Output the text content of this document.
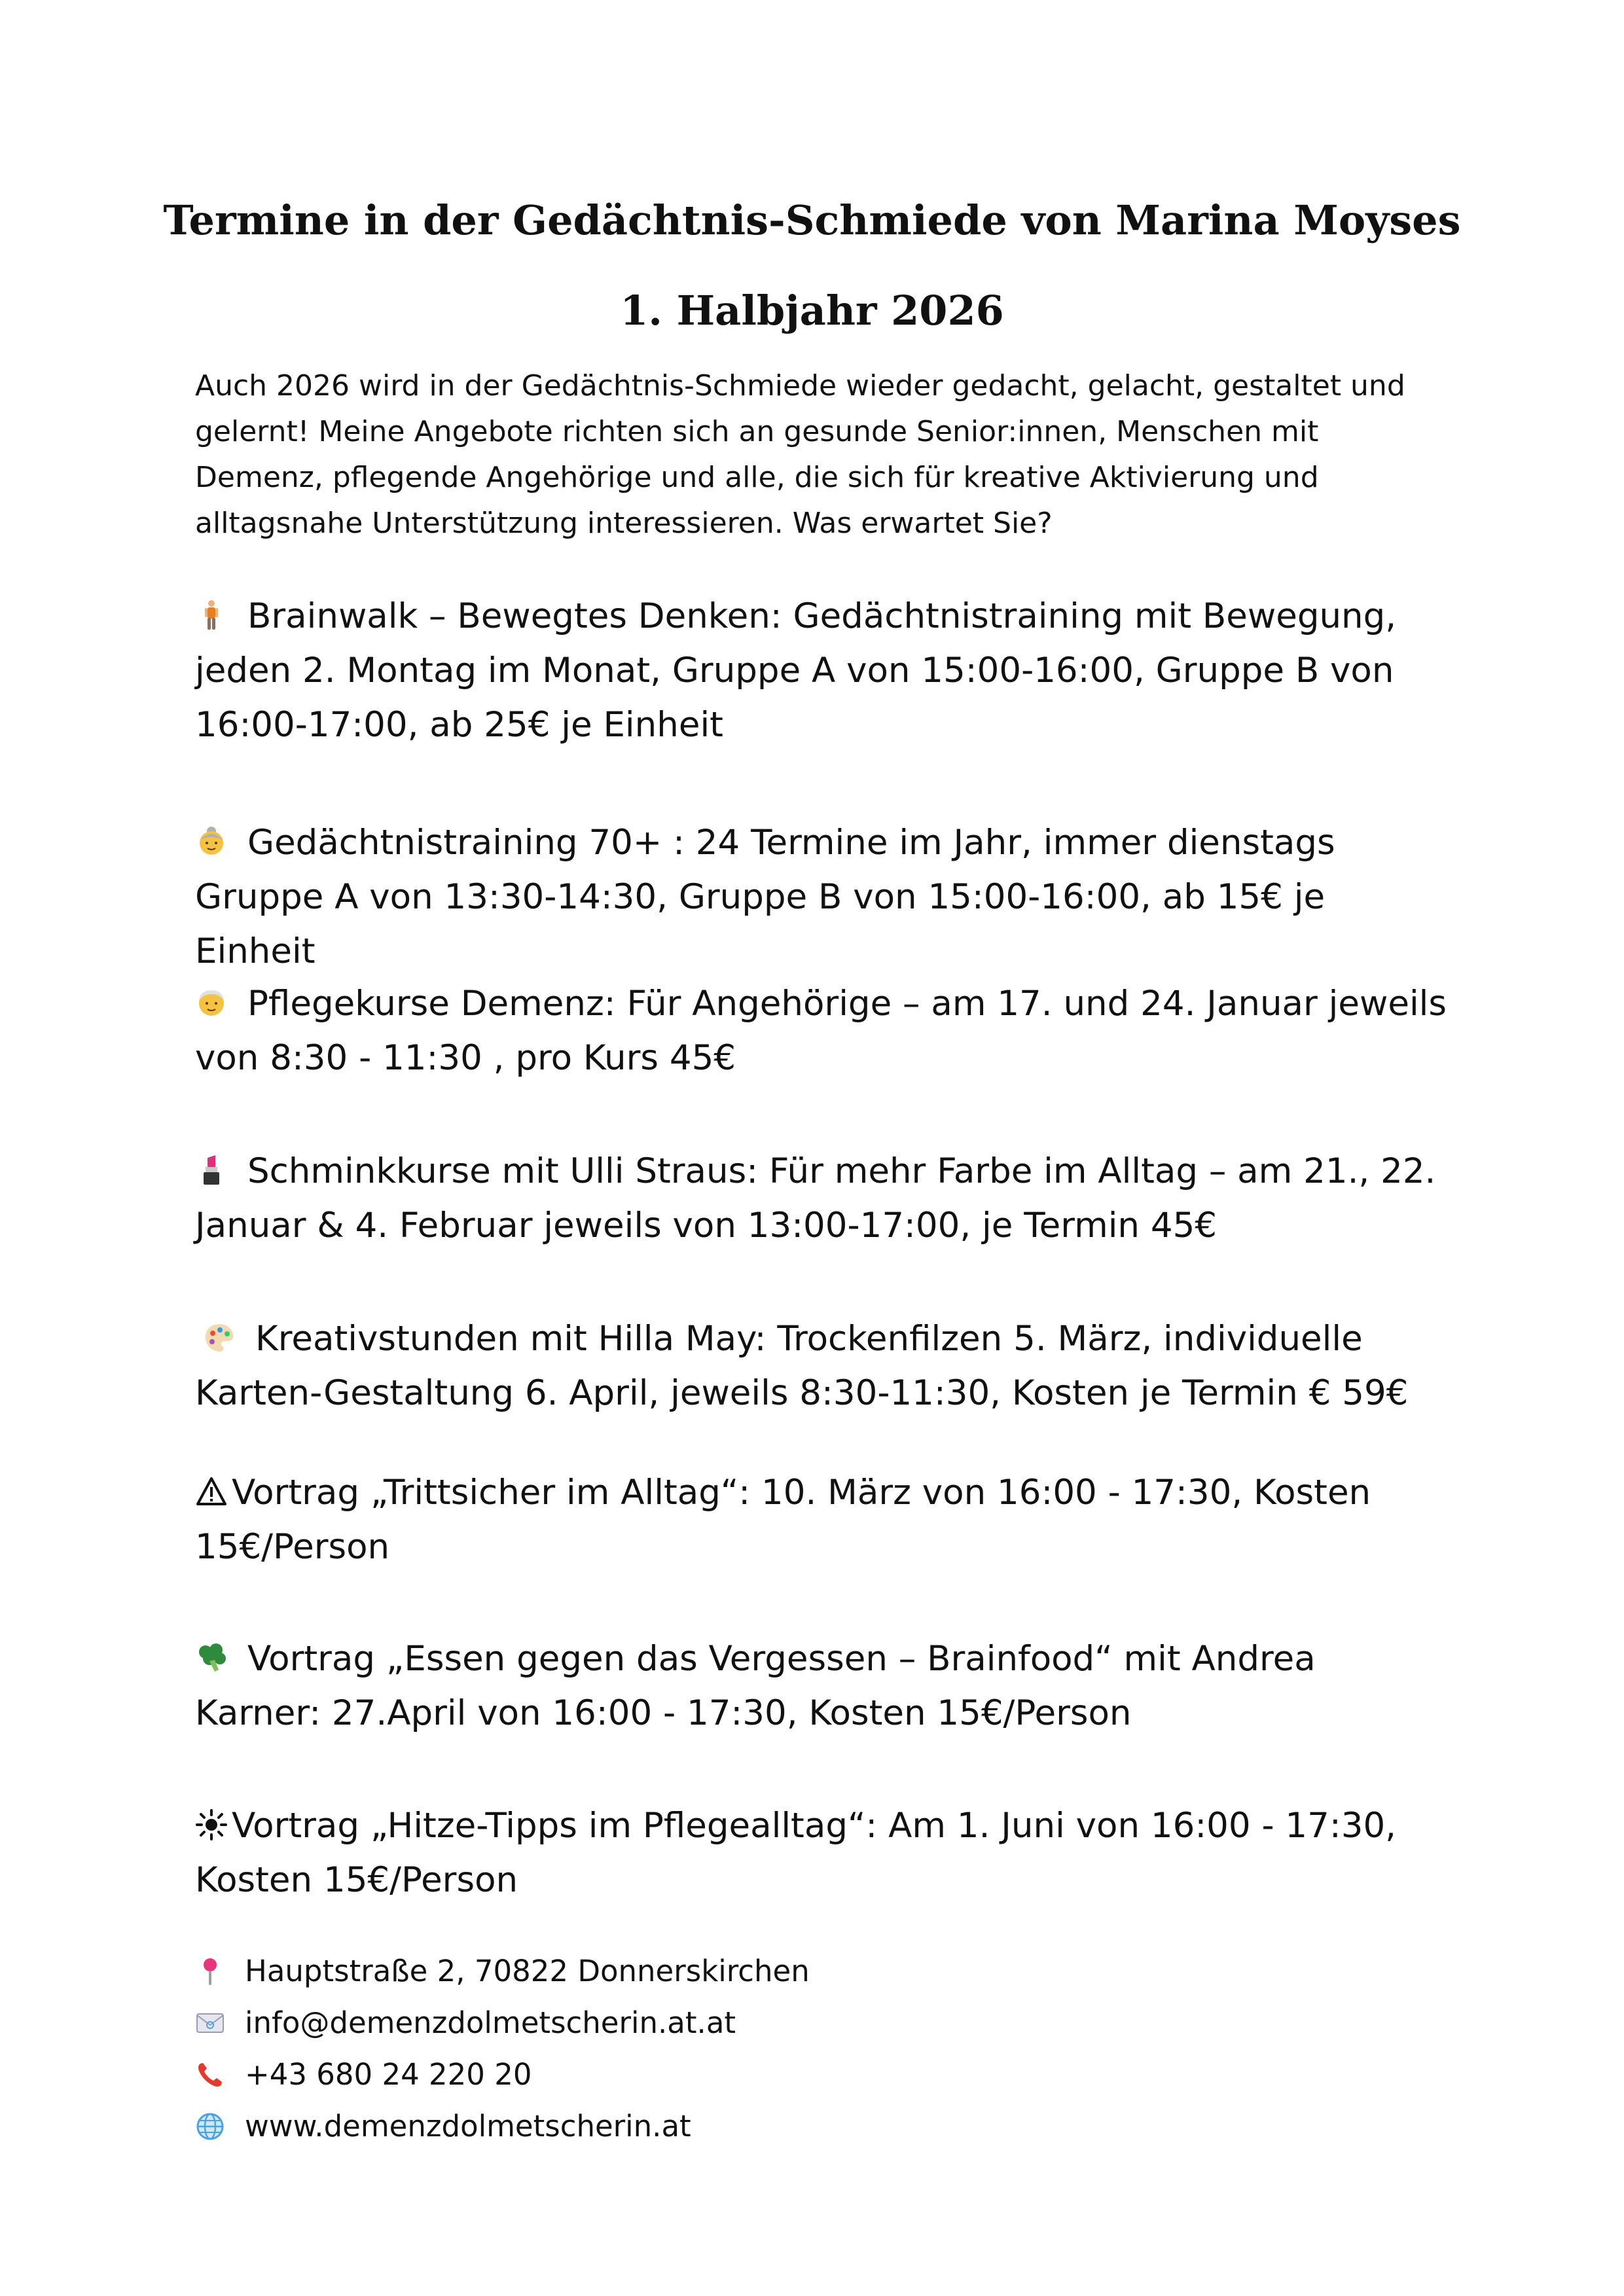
Termine in der Gedächtnis-Schmiede von Marina Moyses
1. Halbjahr 2026

Auch 2026 wird in der Gedächtnis-Schmiede wieder gedacht, gelacht, gestaltet und gelernt! Meine Angebote richten sich an gesunde Senior:innen, Menschen mit Demenz, pflegende Angehörige und alle, die sich für kreative Aktivierung und alltagsnahe Unterstützung interessieren. Was erwartet Sie?

Brainwalk – Bewegtes Denken: Gedächtnistraining mit Bewegung, jeden 2. Montag im Monat, Gruppe A von 15:00-16:00, Gruppe B von 16:00-17:00, ab 25€ je Einheit
Gedächtnistraining 70+ : 24 Termine im Jahr, immer dienstags Gruppe A von 13:30-14:30, Gruppe B von 15:00-16:00, ab 15€ je Einheit
Pflegekurse Demenz: Für Angehörige – am 17. und 24. Januar jeweils von 8:30 - 11:30 , pro Kurs 45€
Schminkkurse mit Ulli Straus: Für mehr Farbe im Alltag – am 21., 22. Januar & 4. Februar jeweils von 13:00-17:00, je Termin 45€
Kreativstunden mit Hilla May: Trockenfilzen 5. März, individuelle Karten-Gestaltung 6. April, jeweils 8:30-11:30, Kosten je Termin € 59€
Vortrag „Trittsicher im Alltag“: 10. März von 16:00 - 17:30, Kosten 15€/Person
Vortrag „Essen gegen das Vergessen – Brainfood“ mit Andrea Karner: 27.April von 16:00 - 17:30, Kosten 15€/Person
Vortrag „Hitze-Tipps im Pflegealltag“: Am 1. Juni von 16:00 - 17:30, Kosten 15€/Person
Hauptstraße 2, 70822 Donnerskirchen
info@demenzdolmetscherin.at.at
+43 680 24 220 20
www.demenzdolmetscherin.at
